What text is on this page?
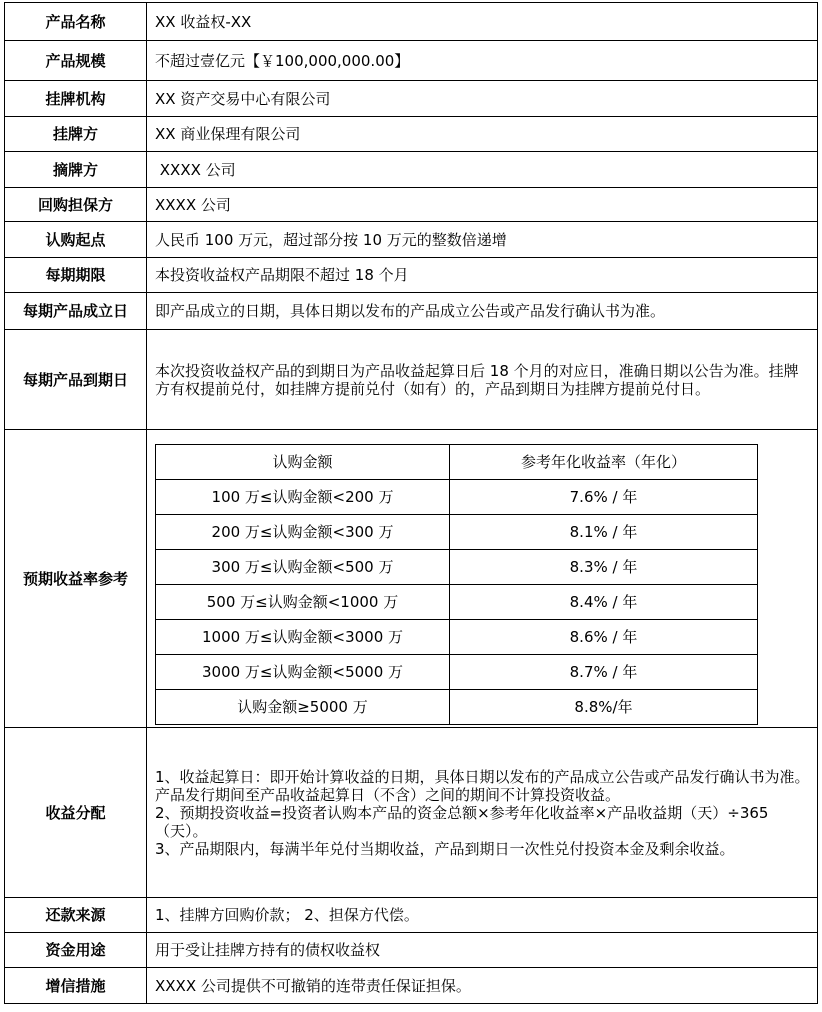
产品名称	XX 收益权-XX
产品规模	不超过壹亿元【￥100,000,000.00】
挂牌机构	XX 资产交易中心有限公司
挂牌方	XX 商业保理有限公司
摘牌方	XXXX 公司
回购担保方	XXXX 公司
认购起点	人民币 100 万元，超过部分按 10 万元的整数倍递增
每期期限	本投资收益权产品期限不超过 18 个月
每期产品成立日	即产品成立的日期，具体日期以发布的产品成立公告或产品发行确认书为准。
每期产品到期日	本次投资收益权产品的到期日为产品收益起算日后 18 个月的对应日，准确日期以公告为准。挂牌方有权提前兑付，如挂牌方提前兑付（如有）的，产品到期日为挂牌方提前兑付日。
预期收益率参考	
认购金额	参考年化收益率（年化）
100 万≤认购金额<200 万	7.6% / 年
200 万≤认购金额<300 万	8.1% / 年
300 万≤认购金额<500 万	8.3% / 年
500 万≤认购金额<1000 万	8.4% / 年
1000 万≤认购金额<3000 万	8.6% / 年
3000 万≤认购金额<5000 万	8.7% / 年
认购金额≥5000 万	8.8%/年

收益分配	

1、收益起算日：即开始计算收益的日期，具体日期以发布的产品成立公告或产品发行确认书为准。产品发行期间至产品收益起算日（不含）之间的期间不计算投资收益。

2、预期投资收益=投资者认购本产品的资金总额×参考年化收益率×产品收益期（天）÷365（天）。

3、产品期限内，每满半年兑付当期收益，产品到期日一次性兑付投资本金及剩余收益。

还款来源	1、挂牌方回购价款； 2、担保方代偿。
资金用途	用于受让挂牌方持有的债权收益权
增信措施	XXXX 公司提供不可撤销的连带责任保证担保。
